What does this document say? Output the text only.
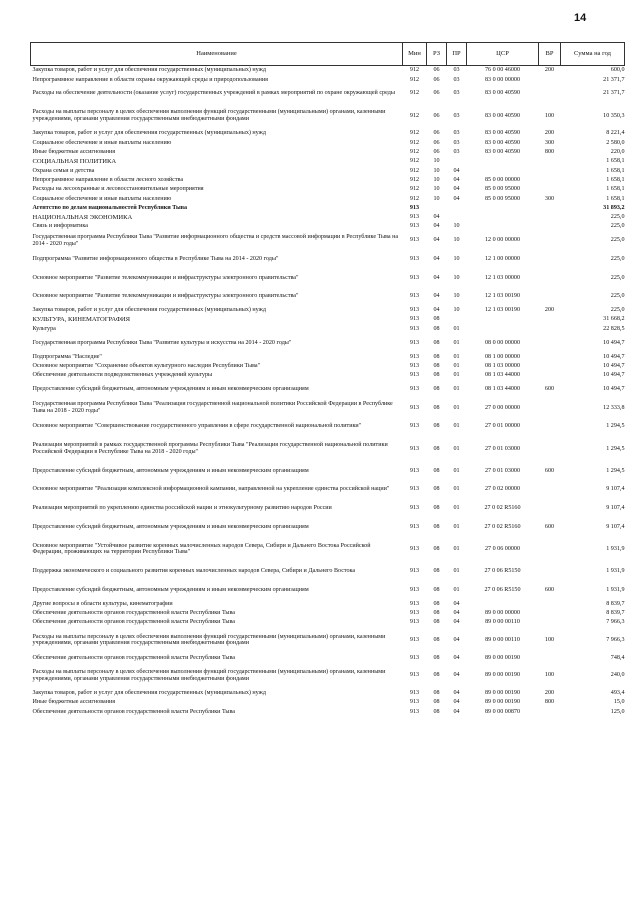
14
Наименование	Мин	РЗ	ПР	ЦСР	ВР	Сумма на год
Закупка товаров, работ и услуг для обеспечения государственных (муниципальных) нужд	912	06	03	76 0 00 46000	200	600,0
Непрограммное направление в области охраны окружающей среды и природопользования	912	06	03	83 0 00 00000		21 371,7
Расходы на обеспечение деятельности (оказание услуг) государственных учреждений в рамках мероприятий по охране окружающей среды	912	06	03	83 0 00 40590		21 371,7
Расходы на выплаты персоналу в целях обеспечения выполнения функций государственными (муниципальными) органами, казенными учреждениями, органами управления государственными внебюджетными фондами	912	06	03	83 0 00 40590	100	10 350,3
Закупка товаров, работ и услуг для обеспечения государственных (муниципальных) нужд	912	06	03	83 0 00 40590	200	8 221,4
Социальное обеспечение и иные выплаты населению	912	06	03	83 0 00 40590	300	2 580,0
Иные бюджетные ассигнования	912	06	03	83 0 00 40590	800	220,0
СОЦИАЛЬНАЯ ПОЛИТИКА	912	10				1 658,1
Охрана семьи и детства	912	10	04			1 658,1
Непрограммное направление в области лесного хозяйства	912	10	04	85 0 00 00000		1 658,1
Расходы на лесоохранные и лесовосстановительные мероприятия	912	10	04	85 0 00 95000		1 658,1
Социальное обеспечение и иные выплаты населению	912	10	04	85 0 00 95000	300	1 658,1
Агентство по делам национальностей Республики Тыва	913					31 893,2
НАЦИОНАЛЬНАЯ ЭКОНОМИКА	913	04				225,0
Связь и информатика	913	04	10			225,0
Государственная программа Республики Тыва "Развитие информационного общества и средств массовой информации в Республике Тыва на 2014 - 2020 годы"	913	04	10	12 0 00 00000		225,0
Подпрограмма "Развитие информационного общества в Республике Тыва на 2014 - 2020 годы"	913	04	10	12 1 00 00000		225,0
Основное мероприятие "Развитие телекоммуникации и инфраструктуры электронного правительства"	913	04	10	12 1 03 00000		225,0
Основное мероприятие "Развитие телекоммуникации и инфраструктуры электронного правительства"	913	04	10	12 1 03 00190		225,0
Закупка товаров, работ и услуг для обеспечения государственных (муниципальных) нужд	913	04	10	12 1 03 00190	200	225,0
КУЛЬТУРА, КИНЕМАТОГРАФИЯ	913	08				31 668,2
Культура	913	08	01			22 828,5
Государственная программа Республики Тыва "Развитие культуры и искусства на 2014 - 2020 годы"	913	08	01	08 0 00 00000		10 494,7
Подпрограмма "Наследие"	913	08	01	08 1 00 00000		10 494,7
Основное мероприятие "Сохранение объектов культурного наследия Республики Тыва"	913	08	01	08 1 03 00000		10 494,7
Обеспечение деятельности подведомственных учреждений культуры	913	08	01	08 1 03 44000		10 494,7
Предоставление субсидий бюджетным, автономным учреждениям и иным некоммерческим организациям	913	08	01	08 1 03 44000	600	10 494,7
Государственная программа Республики Тыва "Реализация государственной национальной политики Российской Федерации в Республике Тыва на 2018 - 2020 годы"	913	08	01	27 0 00 00000		12 333,8
Основное мероприятие "Совершенствование государственного управления в сфере государственной национальной политики"	913	08	01	27 0 01 00000		1 294,5
Реализация мероприятий в рамках государственной программы Республики Тыва "Реализация государственной национальной политики Российской Федерации в Республике Тыва на 2018 - 2020 годы"	913	08	01	27 0 01 03000		1 294,5
Предоставление субсидий бюджетным, автономным учреждениям и иным некоммерческим организациям	913	08	01	27 0 01 03000	600	1 294,5
Основное мероприятие "Реализация комплексной информационной кампании, направленной на укрепление единства российской нации"	913	08	01	27 0 02 00000		9 107,4
Реализация мероприятий по укреплению единства российской нации и этнокультурному развитию народов России	913	08	01	27 0 02 R5160		9 107,4
Предоставление субсидий бюджетным, автономным учреждениям и иным некоммерческим организациям	913	08	01	27 0 02 R5160	600	9 107,4
Основное мероприятие "Устойчивое развитие коренных малочисленных народов Севера, Сибири и Дальнего Востока Российской Федерации, проживающих на территории Республики Тыва"	913	08	01	27 0 06 00000		1 931,9
Поддержка экономического и социального развития коренных малочисленных народов Севера, Сибири и Дальнего Востока	913	08	01	27 0 06 R5150		1 931,9
Предоставление субсидий бюджетным, автономным учреждениям и иным некоммерческим организациям	913	08	01	27 0 06 R5150	600	1 931,9
Другие вопросы в области культуры, кинематографии	913	08	04			8 839,7
Обеспечение деятельности органов государственной власти Республики Тыва	913	08	04	89 0 00 00000		8 839,7
Обеспечение деятельности органов государственной власти Республики Тыва	913	08	04	89 0 00 00110		7 966,3
Расходы на выплаты персоналу в целях обеспечения выполнения функций государственными (муниципальными) органами, казенными учреждениями, органами управления государственными внебюджетными фондами	913	08	04	89 0 00 00110	100	7 966,3
Обеспечение деятельности органов государственной власти Республики Тыва	913	08	04	89 0 00 00190		748,4
Расходы на выплаты персоналу в целях обеспечения выполнения функций государственными (муниципальными) органами, казенными учреждениями, органами управления государственными внебюджетными фондами	913	08	04	89 0 00 00190	100	240,0
Закупка товаров, работ и услуг для обеспечения государственных (муниципальных) нужд	913	08	04	89 0 00 00190	200	493,4
Иные бюджетные ассигнования	913	08	04	89 0 00 00190	800	15,0
Обеспечение деятельности органов государственной власти Республики Тыва	913	08	04	89 0 00 00870		125,0
